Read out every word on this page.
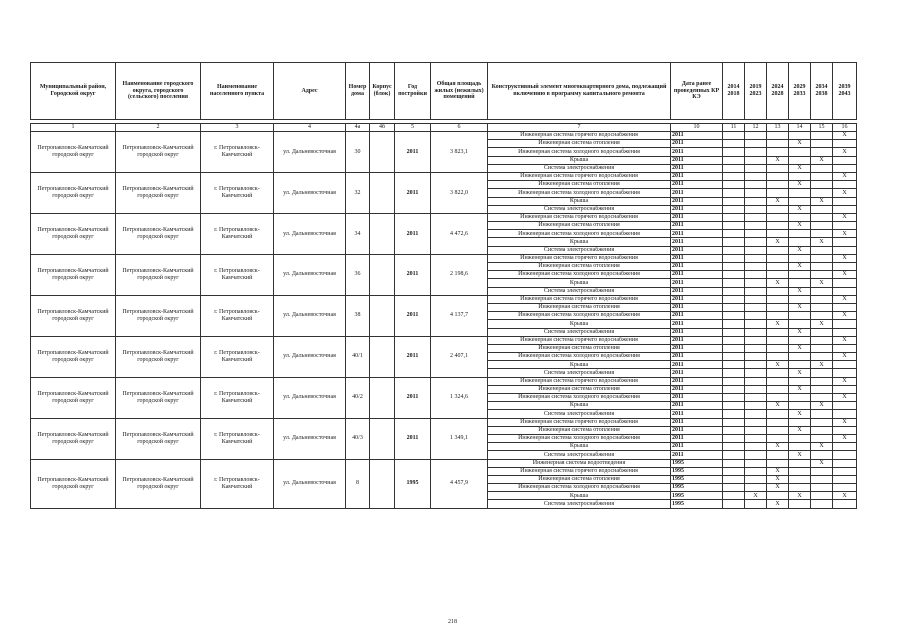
Муниципальный район, Городской округ	Наименование городского округа, городского (сельского) поселения	Наименование населенного пункта	Адрес	Номер дома	Корпус (блок)	Год постройки	Общая площадь жилых (нежилых) помещений	Конструктивный элемент многоквартирного дома, подлежащий включению в программу капитального ремонта	Дата ранее проведенных КР КЭ	2014 2018	2019 2023	2024 2028	2029 2033	2034 2038	2039 2043

1	2	3	4	4а	4б	5	6	7	10	11	12	13	14	15	16
Петропавловск-Камчатский городской округ	Петропавловск-Камчатский городской округ	г. Петропавловск-Камчатский	ул. Дальневосточная	30		2011	3 823,1	Инженерная система горячего водоснабжения	2011						X
								Инженерная система отопления	2011				X		
								Инженерная система холодного водоснабжения	2011						X
								Крыша	2011			X		X	
								Система электроснабжения	2011				X		
Петропавловск-Камчатский городской округ	Петропавловск-Камчатский городской округ	г. Петропавловск-Камчатский	ул. Дальневосточная	32		2011	3 822,0	Инженерная система горячего водоснабжения	2011						X
								Инженерная система отопления	2011				X		
								Инженерная система холодного водоснабжения	2011						X
								Крыша	2011			X		X	
								Система электроснабжения	2011				X		
Петропавловск-Камчатский городской округ	Петропавловск-Камчатский городской округ	г. Петропавловск-Камчатский	ул. Дальневосточная	34		2011	4 472,6	Инженерная система горячего водоснабжения	2011						X
								Инженерная система отопления	2011				X		
								Инженерная система холодного водоснабжения	2011						X
								Крыша	2011			X		X	
								Система электроснабжения	2011				X		
Петропавловск-Камчатский городской округ	Петропавловск-Камчатский городской округ	г. Петропавловск-Камчатский	ул. Дальневосточная	36		2011	2 198,6	Инженерная система горячего водоснабжения	2011						X
								Инженерная система отопления	2011				X		
								Инженерная система холодного водоснабжения	2011						X
								Крыша	2011			X		X	
								Система электроснабжения	2011				X		
Петропавловск-Камчатский городской округ	Петропавловск-Камчатский городской округ	г. Петропавловск-Камчатский	ул. Дальневосточная	38		2011	4 137,7	Инженерная система горячего водоснабжения	2011						X
								Инженерная система отопления	2011				X		
								Инженерная система холодного водоснабжения	2011						X
								Крыша	2011			X		X	
								Система электроснабжения	2011				X		
Петропавловск-Камчатский городской округ	Петропавловск-Камчатский городской округ	г. Петропавловск-Камчатский	ул. Дальневосточная	40/1		2011	2 407,1	Инженерная система горячего водоснабжения	2011						X
								Инженерная система отопления	2011				X		
								Инженерная система холодного водоснабжения	2011						X
								Крыша	2011			X		X	
								Система электроснабжения	2011				X		
Петропавловск-Камчатский городской округ	Петропавловск-Камчатский городской округ	г. Петропавловск-Камчатский	ул. Дальневосточная	40/2		2011	1 324,6	Инженерная система горячего водоснабжения	2011						X
								Инженерная система отопления	2011				X		
								Инженерная система холодного водоснабжения	2011						X
								Крыша	2011			X		X	
								Система электроснабжения	2011				X		
Петропавловск-Камчатский городской округ	Петропавловск-Камчатский городской округ	г. Петропавловск-Камчатский	ул. Дальневосточная	40/3		2011	1 349,1	Инженерная система горячего водоснабжения	2011						X
								Инженерная система отопления	2011				X		
								Инженерная система холодного водоснабжения	2011						X
								Крыша	2011			X		X	
								Система электроснабжения	2011				X		
Петропавловск-Камчатский городской округ	Петропавловск-Камчатский городской округ	г. Петропавловск-Камчатский	ул. Дальневосточная	8		1995	4 457,9	Инженерная система водоотведения	1995					X	
								Инженерная система горячего водоснабжения	1995			X			
								Инженерная система отопления	1995			X			
								Инженерная система холодного водоснабжения	1995			X			
								Крыша	1995		X		X		X
								Система электроснабжения	1995			X			
218
